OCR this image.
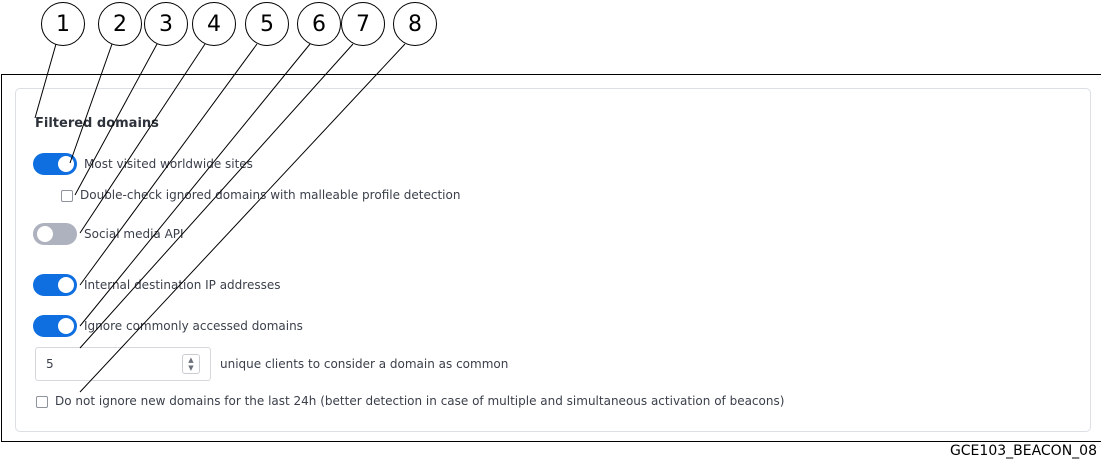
Filtered domains
Most visited worldwide sites
Double-check ignored domains with malleable profile detection
Social media API
Internal destination IP addresses
Ignore commonly accessed domains
5	▲
▼ unique clients to consider a domain as common
Do not ignore new domains for the last 24h (better detection in case of multiple and simultaneous activation of beacons)
1	2	3	4	5	6	7	8
GCE103_BEACON_08
